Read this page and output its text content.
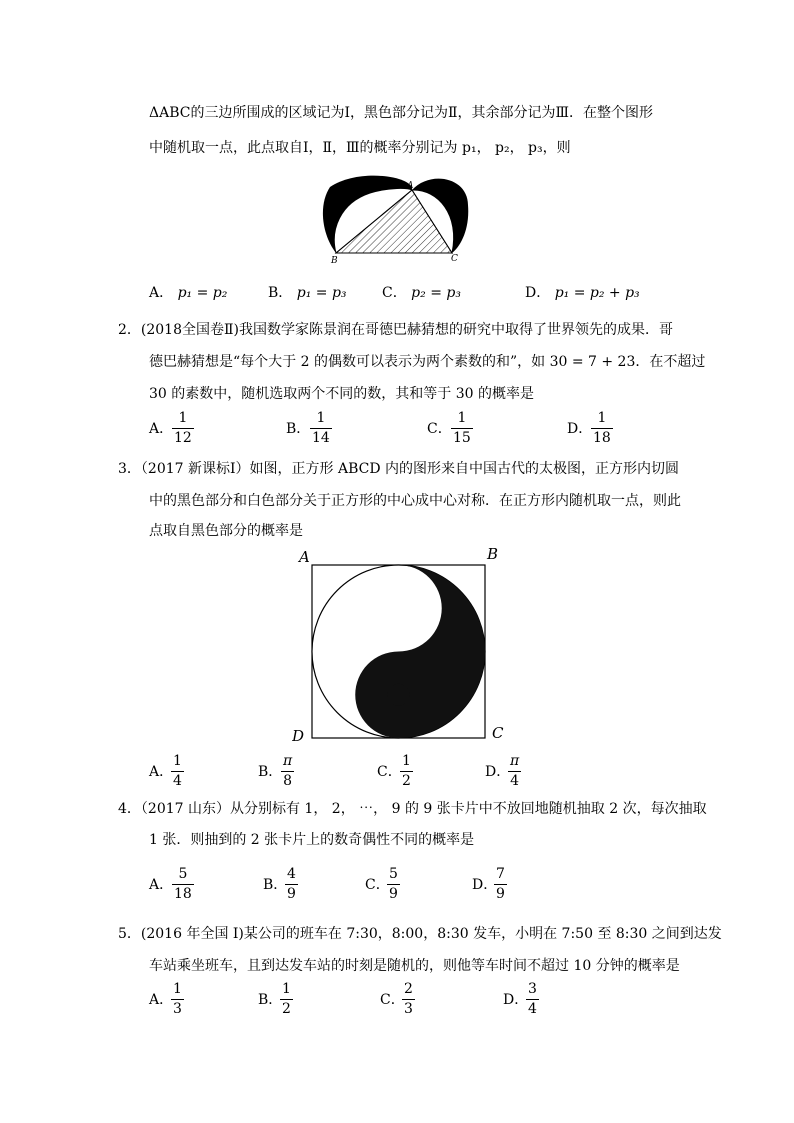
ΔABC的三边所围成的区域记为Ⅰ，黑色部分记为Ⅱ，其余部分记为Ⅲ．在整个图形
中随机取一点，此点取自Ⅰ，Ⅱ，Ⅲ的概率分别记为 p₁， p₂， p₃，则
A
B	C
A． p₁ = p₂	B． p₁ = p₃	C． p₂ = p₃	D． p₁ = p₂ + p₃
2．(2018全国卷Ⅱ)我国数学家陈景润在哥德巴赫猜想的研究中取得了世界领先的成果．哥
德巴赫猜想是“每个大于 2 的偶数可以表示为两个素数的和”，如 30 = 7 + 23．在不超过
30 的素数中，随机选取两个不同的数，其和等于 30 的概率是
A．
1
12
B．
1
14
C．
1
15
D．
1
18
3．（2017 新课标Ⅰ）如图，正方形 ABCD 内的图形来自中国古代的太极图，正方形内切圆
中的黑色部分和白色部分关于正方形的中心成中心对称．在正方形内随机取一点，则此
点取自黑色部分的概率是
A	B
C
D
A．
1
4
B．
π
8
C．
1
2
D．
π
4
4．（2017 山东）从分别标有 1， 2， ⋯， 9 的 9 张卡片中不放回地随机抽取 2 次，每次抽取
1 张．则抽到的 2 张卡片上的数奇偶性不同的概率是
A．
5
18
B．
4
9
C．
5
9
D．
7
9
5．(2016 年全国 I)某公司的班车在 7:30，8:00，8:30 发车，小明在 7:50 至 8:30 之间到达发
车站乘坐班车，且到达发车站的时刻是随机的，则他等车时间不超过 10 分钟的概率是
A．
1
3
B．
1
2
C．
2
3
D．
3
4
